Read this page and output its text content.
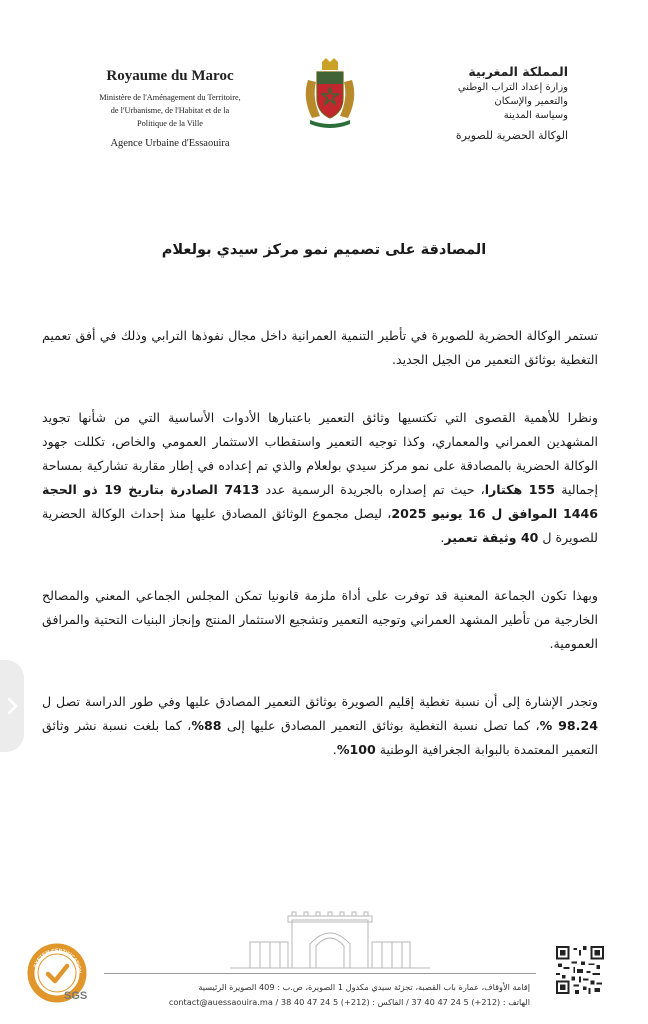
Royaume du Maroc
Ministère de l'Aménagement du Territoire,
de l'Urbanisme, de l'Habitat et de la
Politique de la Ville
Agence Urbaine d'Essaouira
المملكة المغربية
وزارة إعداد التراب الوطني
والتعمير والإسكان
وسياسة المدينة
الوكالة الحضرية للصويرة
المصادقة على تصميم نمو مركز سيدي بولعلام

تستمر الوكالة الحضرية للصويرة في تأطير التنمية العمرانية داخل مجال نفوذها الترابي وذلك في أفق تعميم التغطية بوثائق التعمير من الجيل الجديد.

ونظرا للأهمية القصوى التي تكتسيها وثائق التعمير باعتبارها الأدوات الأساسية التي من شأنها تجويد المشهدين العمراني والمعماري، وكذا توجيه التعمير واستقطاب الاستثمار العمومي والخاص، تكللت جهود الوكالة الحضرية بالمصادقة على نمو مركز سيدي بولعلام والذي تم إعداده في إطار مقاربة تشاركية بمساحة إجمالية 155 هكتارا، حيث تم إصداره بالجريدة الرسمية عدد 7413 الصادرة بتاريخ 19 ذو الحجة 1446 الموافق ل 16 يونيو 2025، ليصل مجموع الوثائق المصادق عليها منذ إحداث الوكالة الحضرية للصويرة ل 40 وثيقة تعمير.

وبهذا تكون الجماعة المعنية قد توفرت على أداة ملزمة قانونيا تمكن المجلس الجماعي المعني والمصالح الخارجية من تأطير المشهد العمراني وتوجيه التعمير وتشجيع الاستثمار المنتج وإنجاز البنيات التحتية والمرافق العمومية.

وتجدر الإشارة إلى أن نسبة تغطية إقليم الصويرة بوثائق التعمير المصادق عليها وفي طور الدراسة تصل ل 98.24 %، كما تصل نسبة التغطية بوثائق التعمير المصادق عليها إلى 88%، كما بلغت نسبة نشر وثائق التعمير المعتمدة بالبوابة الجغرافية الوطنية 100%.

SYSTEM CERTIFICATION
SGS
إقامة الأوقاف، عمارة باب القصبة، تجزئة سيدي مكدول 1 الصويرة، ص.ب : 409 الصويرة الرئيسية
الهاتف : (212+) 5 24 47 40 37 / الفاكس : (212+) 5 24 47 40 38 / contact@auessaouira.ma
